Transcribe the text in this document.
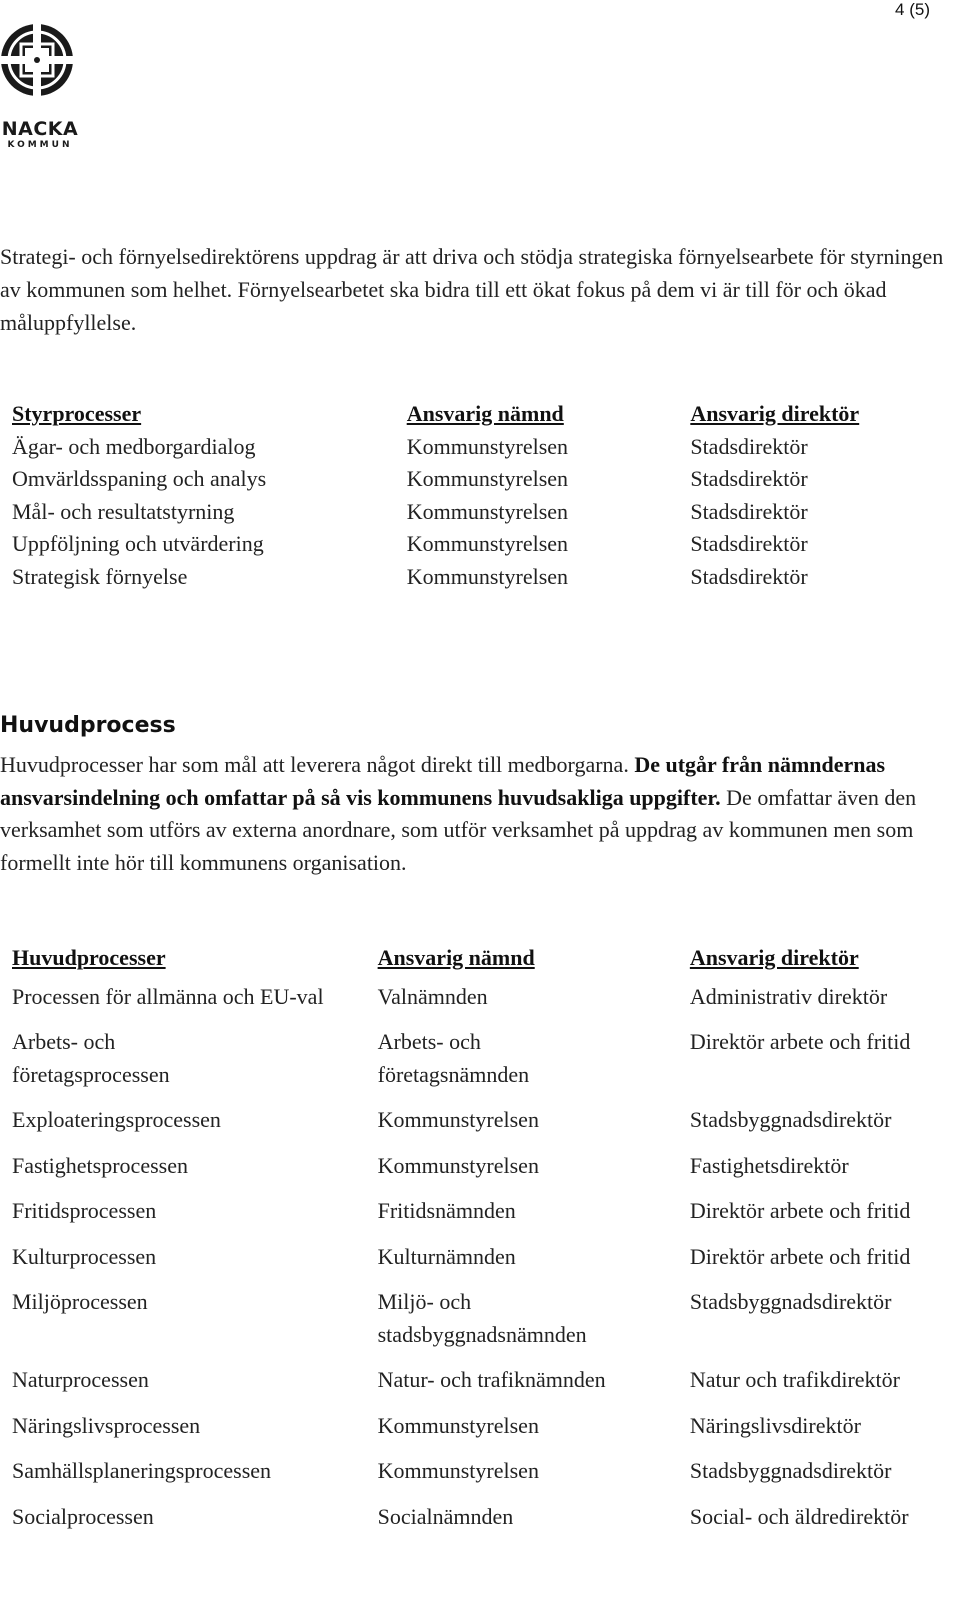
4 (5)
NACKA
KOMMUN

Strategi- och förnyelsedirektörens uppdrag är att driva och stödja strategiska förnyelsearbete för styrningen av kommunen som helhet. Förnyelsearbetet ska bidra till ett ökat fokus på dem vi är till för och ökad måluppfyllelse.

Styrprocesser	Ansvarig nämnd	Ansvarig direktör
Ägar- och medborgardialog	Kommunstyrelsen	Stadsdirektör
Omvärldsspaning och analys	Kommunstyrelsen	Stadsdirektör
Mål- och resultatstyrning	Kommunstyrelsen	Stadsdirektör
Uppföljning och utvärdering	Kommunstyrelsen	Stadsdirektör
Strategisk förnyelse	Kommunstyrelsen	Stadsdirektör
Huvudprocess

Huvudprocesser har som mål att leverera något direkt till medborgarna. De utgår från nämndernas ansvarsindelning och omfattar på så vis kommunens huvudsakliga uppgifter. De omfattar även den verksamhet som utförs av externa anordnare, som utför verksamhet på uppdrag av kommunen men som formellt inte hör till kommunens organisation.

Huvudprocesser	Ansvarig nämnd	Ansvarig direktör
Processen för allmänna och EU-val	Valnämnden	Administrativ direktör
Arbets- och företagsprocessen	Arbets- och företagsnämnden	Direktör arbete och fritid
Exploateringsprocessen	Kommunstyrelsen	Stadsbyggnadsdirektör
Fastighetsprocessen	Kommunstyrelsen	Fastighetsdirektör
Fritidsprocessen	Fritidsnämnden	Direktör arbete och fritid
Kulturprocessen	Kulturnämnden	Direktör arbete och fritid
Miljöprocessen	Miljö- och stadsbyggnadsnämnden	Stadsbyggnadsdirektör
Naturprocessen	Natur- och trafiknämnden	Natur och trafikdirektör
Näringslivsprocessen	Kommunstyrelsen	Näringslivsdirektör
Samhällsplaneringsprocessen	Kommunstyrelsen	Stadsbyggnadsdirektör
Socialprocessen	Socialnämnden	Social- och äldredirektör
